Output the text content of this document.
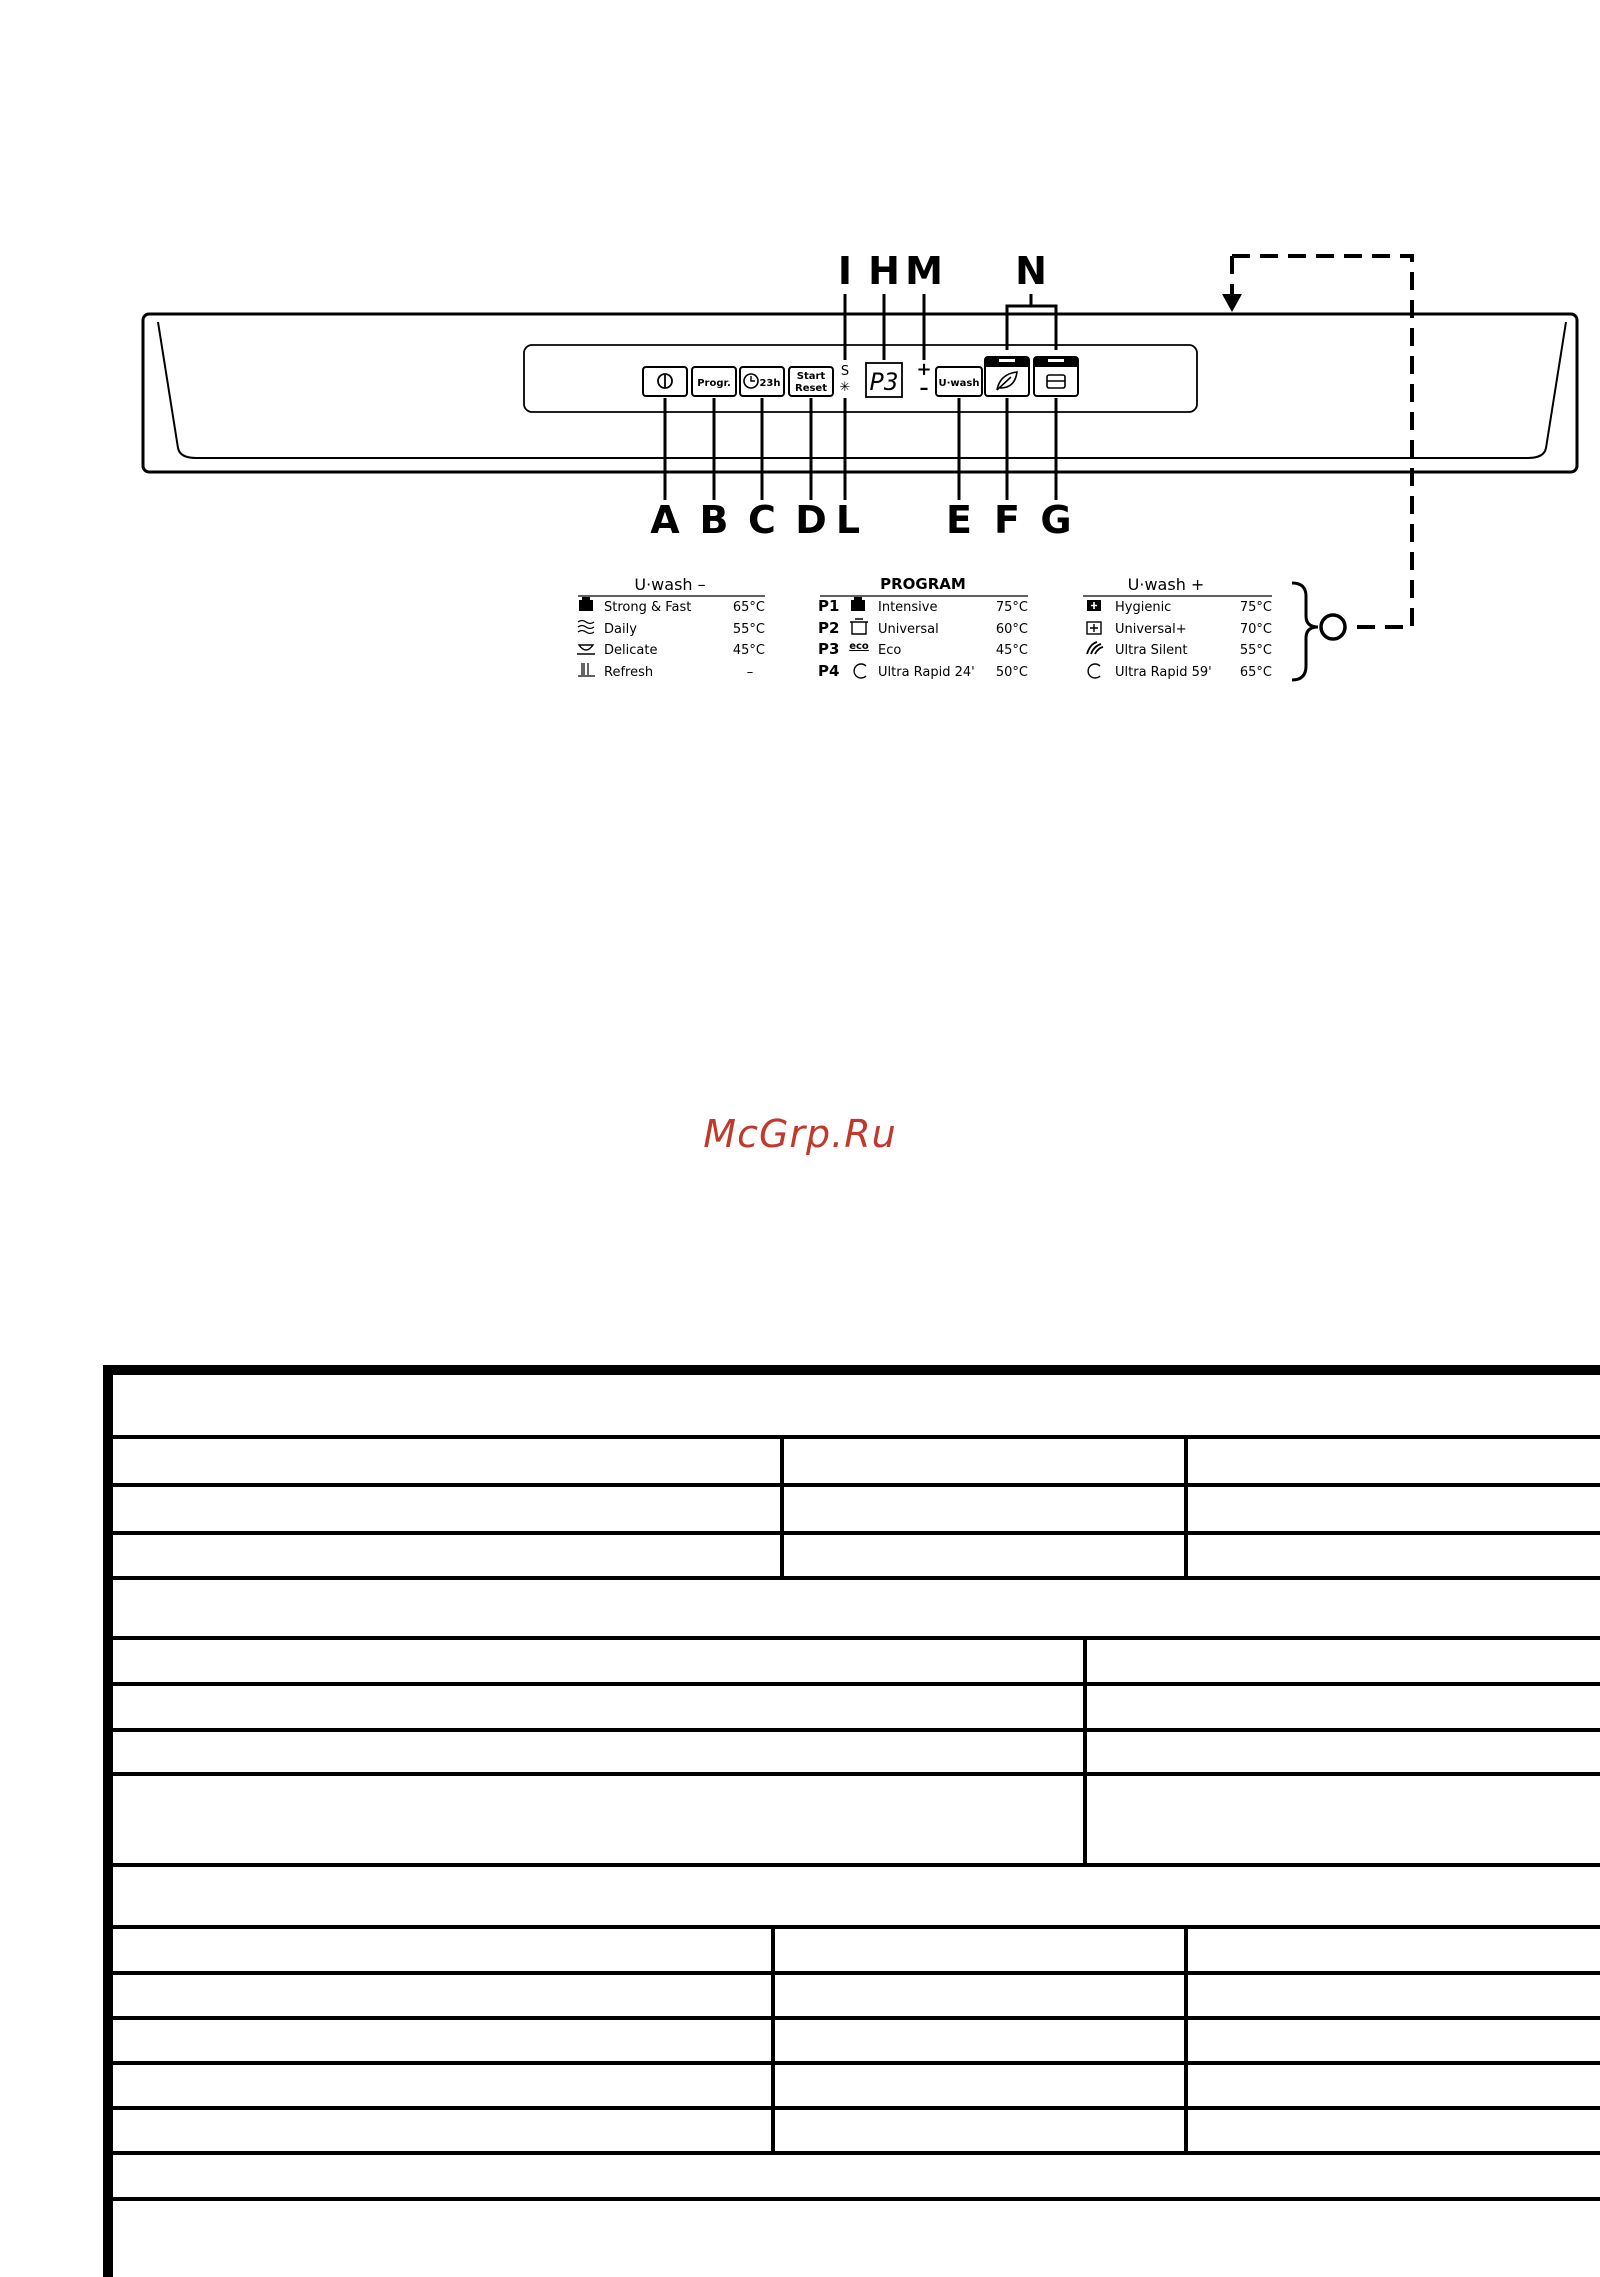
Progr.	23h
Start
Reset
S
✳ P3 +
– U·wash
I H M N
A B C D L E F G
U·wash –
Strong & Fast	65°C
Daily	55°C
Delicate	45°C
Refresh	–
PROGRAM
P1	Intensive	75°C
P2	Universal	60°C
P3 eco Eco	45°C
P4	Ultra Rapid 24' 50°C
U·wash +
Hygienic	75°C
Universal+	70°C
Ultra Silent	55°C
Ultra Rapid 59' 65°C
McGrp.Ru
